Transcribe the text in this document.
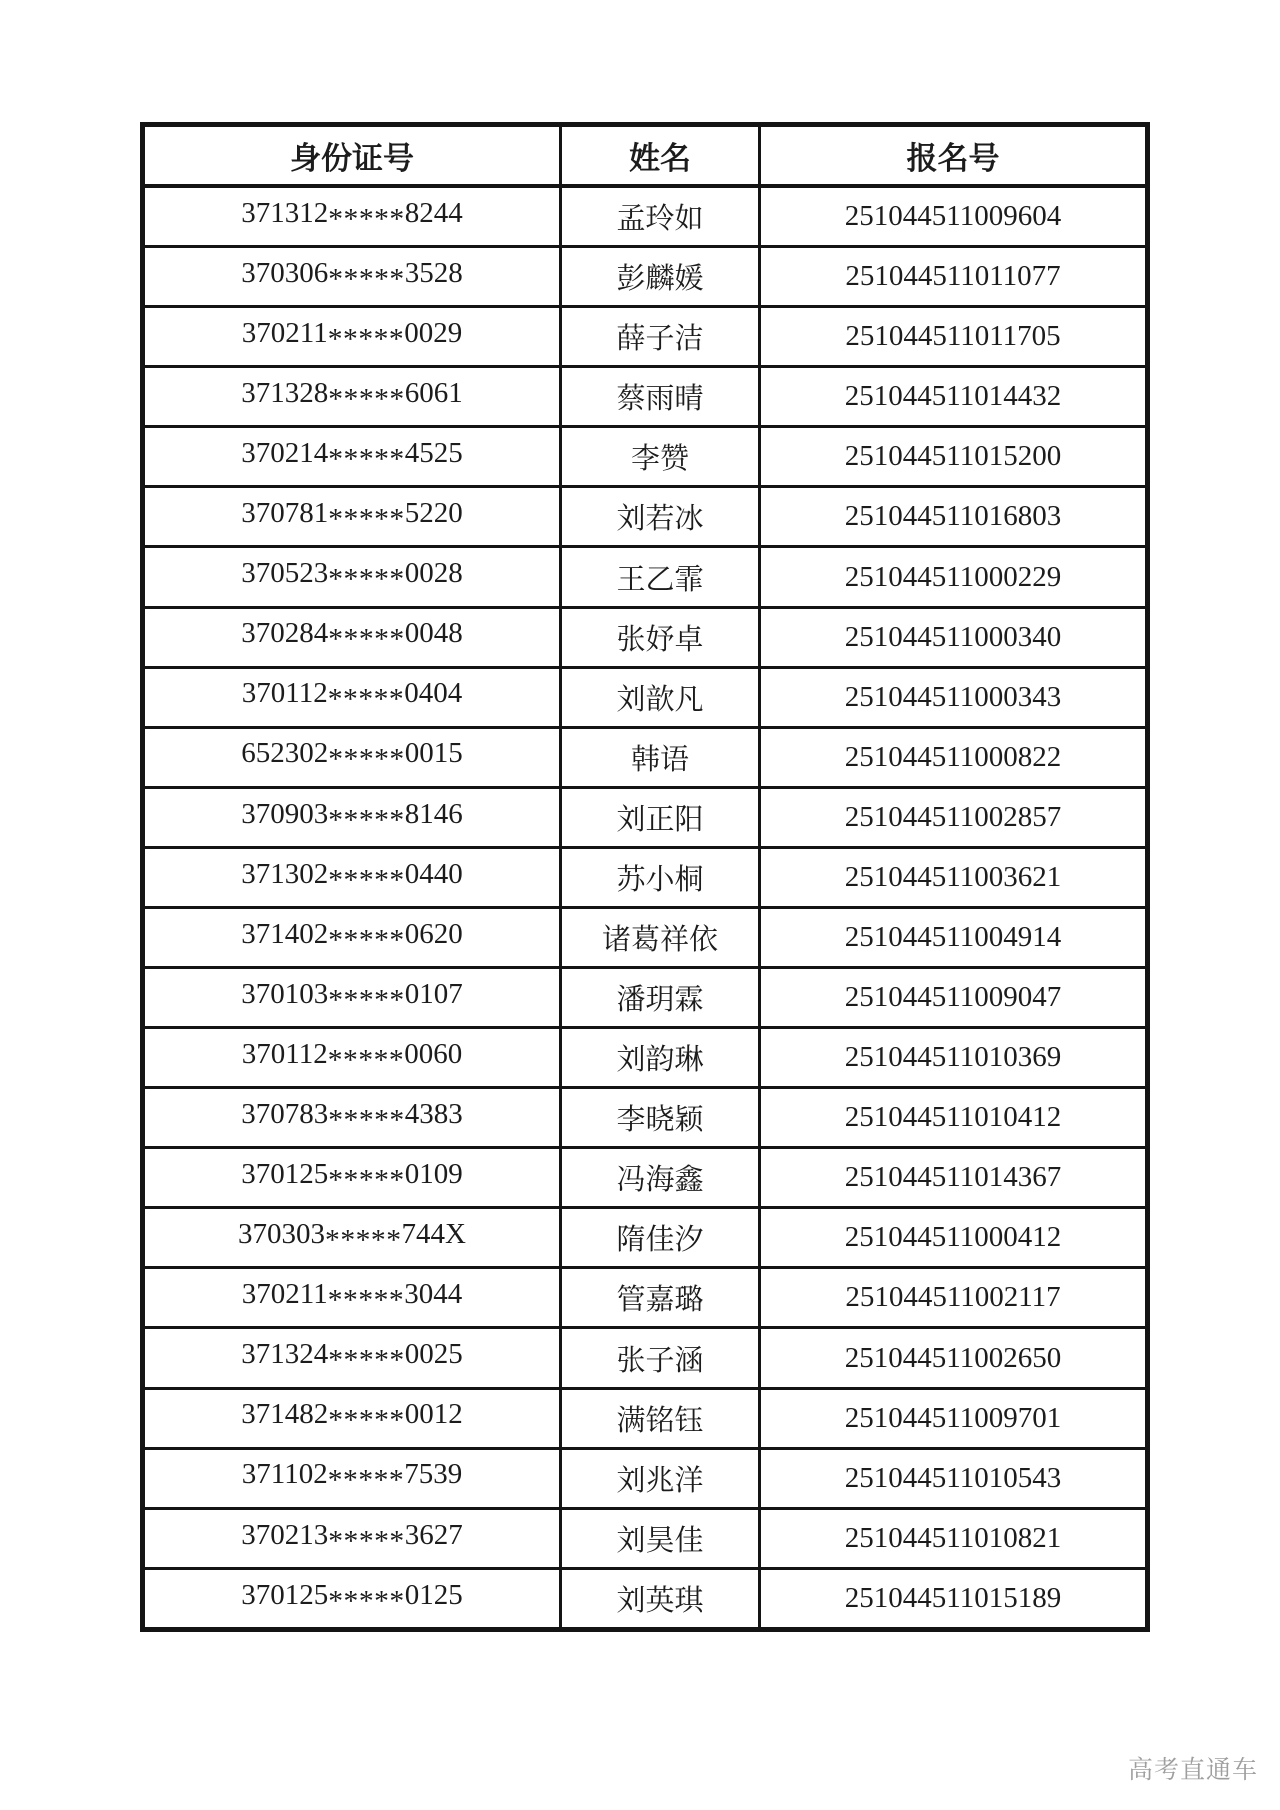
身份证号	姓名	报名号
371312*****8244	孟玲如	251044511009604
370306*****3528	彭麟媛	251044511011077
370211*****0029	薛子洁	251044511011705
371328*****6061	蔡雨晴	251044511014432
370214*****4525	李赞	251044511015200
370781*****5220	刘若冰	251044511016803
370523*****0028	王乙霏	251044511000229
370284*****0048	张妤卓	251044511000340
370112*****0404	刘歆凡	251044511000343
652302*****0015	韩语	251044511000822
370903*****8146	刘正阳	251044511002857
371302*****0440	苏小桐	251044511003621
371402*****0620	诸葛祥依	251044511004914
370103*****0107	潘玥霖	251044511009047
370112*****0060	刘韵琳	251044511010369
370783*****4383	李晓颖	251044511010412
370125*****0109	冯海鑫	251044511014367
370303*****744X	隋佳汐	251044511000412
370211*****3044	管嘉璐	251044511002117
371324*****0025	张子涵	251044511002650
371482*****0012	满铭钰	251044511009701
371102*****7539	刘兆洋	251044511010543
370213*****3627	刘昊佳	251044511010821
370125*****0125	刘英琪	251044511015189
高考直通车
